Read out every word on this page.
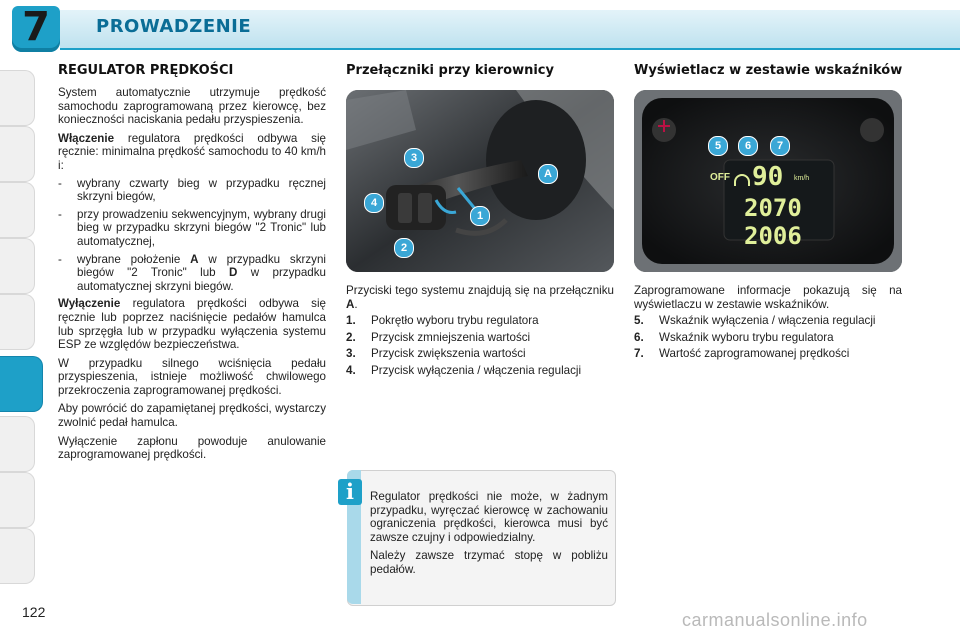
7	PROWADZENIE
REGULATOR PRĘDKOŚCI
System automatycznie utrzymuje prędkość samochodu zaprogramowaną przez kierowcę, bez konieczności naciskania pedału przyspieszenia.
Włączenie regulatora prędkości odbywa się ręcznie: minimalna prędkość samochodu to 40 km/h i:
- wybrany czwarty bieg w przypadku ręcznej skrzyni biegów,
- przy prowadzeniu sekwencyjnym, wybrany drugi bieg w przypadku skrzyni biegów "2 Tronic" lub automatycznej,
- wybrane położenie A w przypadku skrzyni biegów "2 Tronic" lub D w przypadku automatycznej skrzyni biegów.
Wyłączenie regulatora prędkości odbywa się ręcznie lub poprzez naciśnięcie pedałów hamulca lub sprzęgła lub w przypadku wyłączenia systemu ESP ze względów bezpieczeństwa.
W przypadku silnego wciśnięcia pedału przyspieszenia, istnieje możliwość chwilowego przekroczenia zaprogramowanej prędkości.
Aby powrócić do zapamiętanej prędkości, wystarczy zwolnić pedał hamulca.
Wyłączenie zapłonu powoduje anulowanie zaprogramowanej prędkości.
Przełączniki przy kierownicy
3
4
1
2
A
Przyciski tego systemu znajdują się na przełączniku A.
1. Pokrętło wyboru trybu regulatora
2. Przycisk zmniejszenia wartości
3. Przycisk zwiększenia wartości
4. Przycisk wyłączenia / włączenia regulacji
i	Regulator prędkości nie może, w żadnym przypadku, wyręczać kierowcę w zachowaniu ograniczenia prędkości, kierowca musi być zawsze czujny i odpowiedzialny.
Należy zawsze trzymać stopę w pobliżu pedałów.
Wyświetlacz w zestawie wskaźników
5	6	7
OFF 90 km/h
2070
2006
Zaprogramowane informacje pokazują się na wyświetlaczu w zestawie wskaźników.
5. Wskaźnik wyłączenia / włączenia regulacji
6. Wskaźnik wyboru trybu regulatora
7. Wartość zaprogramowanej prędkości
122	carmanualsonline.info
